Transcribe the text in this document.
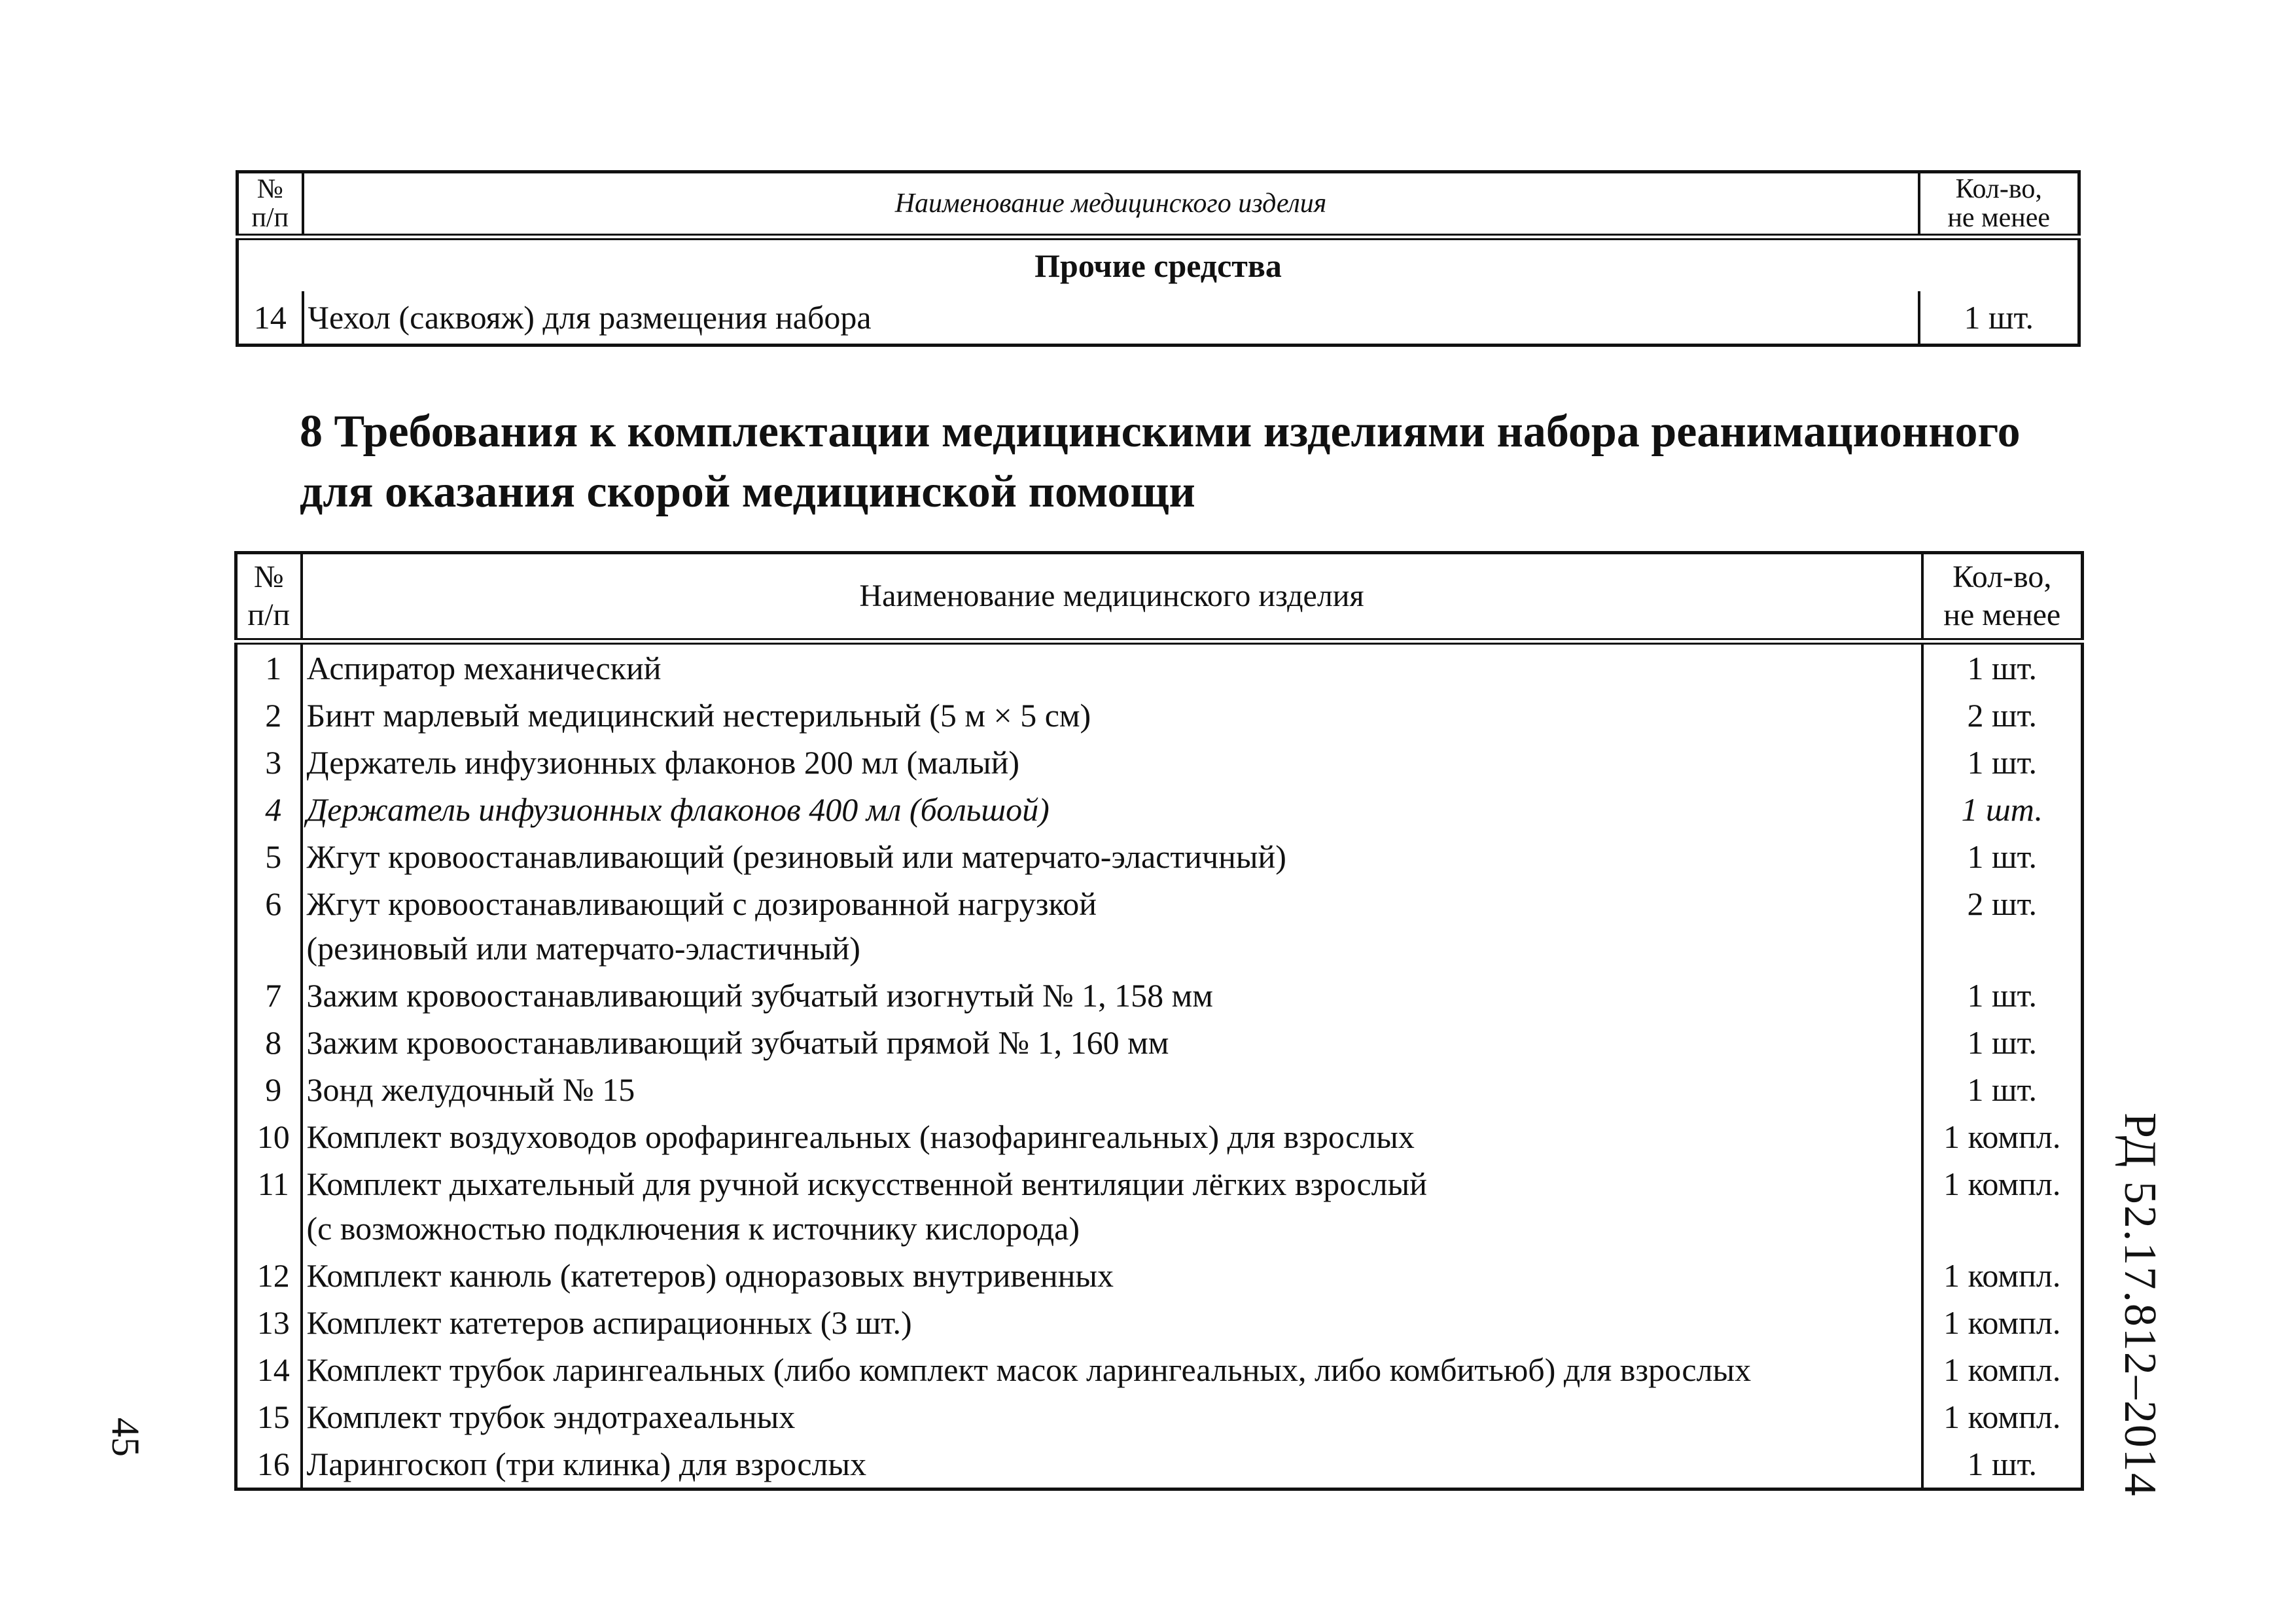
№
п/п	Наименование медицинского изделия	Кол-во,
не менее

Прочие средства		
14	Чехол (саквояж) для размещения набора	1 шт.
8 Требования к комплектации медицинскими изделиями набора реанимационного
для оказания скорой медицинской помощи
№
п/п	Наименование медицинского изделия	Кол-во,
не менее

1	Аспиратор механический	1 шт.
2	Бинт марлевый медицинский нестерильный (5 м × 5 см)	2 шт.
3	Держатель инфузионных флаконов 200 мл (малый)	1 шт.
4	Держатель инфузионных флаконов 400 мл (большой)	1 шт.
5	Жгут кровоостанавливающий (резиновый или матерчато-эластичный)	1 шт.
6	Жгут кровоостанавливающий с дозированной нагрузкой
(резиновый или матерчато-эластичный)	2 шт.
7	Зажим кровоостанавливающий зубчатый изогнутый № 1, 158 мм	1 шт.
8	Зажим кровоостанавливающий зубчатый прямой № 1, 160 мм	1 шт.
9	Зонд желудочный № 15	1 шт.
10	Комплект воздуховодов орофарингеальных (назофарингеальных) для взрослых	1 компл.
11	Комплект дыхательный для ручной искусственной вентиляции лёгких взрослый
(с возможностью подключения к источнику кислорода)	1 компл.
12	Комплект канюль (катетеров) одноразовых внутривенных	1 компл.
13	Комплект катетеров аспирационных (3 шт.)	1 компл.
14	Комплект трубок ларингеальных (либо комплект масок ларингеальных, либо комбитьюб) для взрослых	1 компл.
15	Комплект трубок эндотрахеальных	1 компл.
16	Ларингоскоп (три клинка) для взрослых	1 шт.
45	РД 52.17.812–2014
